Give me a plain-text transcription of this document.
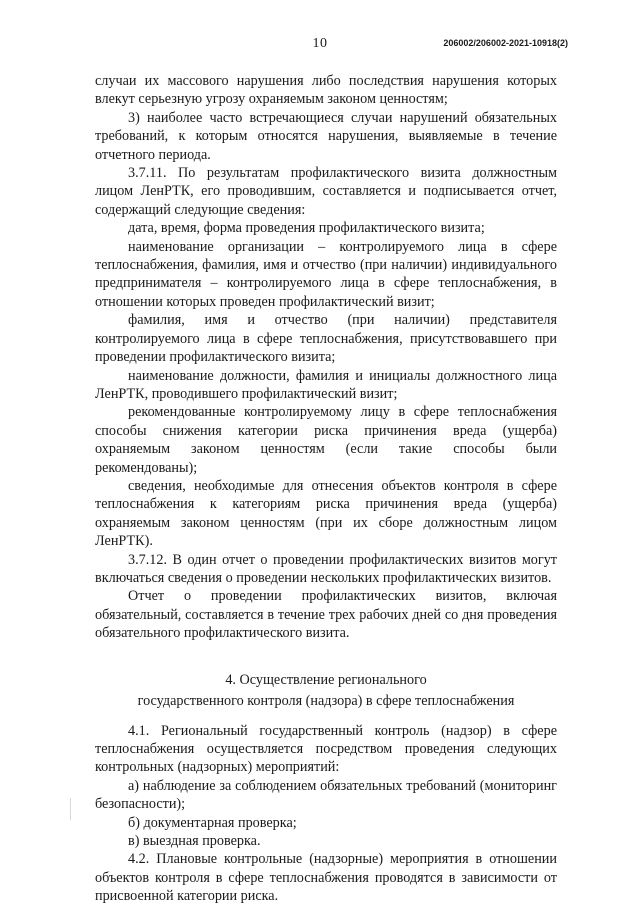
10	206002/206002-2021-10918(2)

случаи их массового нарушения либо последствия нарушения которых влекут серьезную угрозу охраняемым законом ценностям;

3) наиболее часто встречающиеся случаи нарушений обязательных требований, к которым относятся нарушения, выявляемые в течение отчетного периода.

3.7.11. По результатам профилактического визита должностным лицом ЛенРТК, его проводившим, составляется и подписывается отчет, содержащий следующие сведения:

дата, время, форма проведения профилактического визита;

наименование организации – контролируемого лица в сфере теплоснабжения, фамилия, имя и отчество (при наличии) индивидуального предпринимателя – контролируемого лица в сфере теплоснабжения, в отношении которых проведен профилактический визит;

фамилия, имя и отчество (при наличии) представителя контролируемого лица в сфере теплоснабжения, присутствовавшего при проведении профилактического визита;

наименование должности, фамилия и инициалы должностного лица ЛенРТК, проводившего профилактический визит;

рекомендованные контролируемому лицу в сфере теплоснабжения способы снижения категории риска причинения вреда (ущерба) охраняемым законом ценностям (если такие способы были рекомендованы);

сведения, необходимые для отнесения объектов контроля в сфере теплоснабжения к категориям риска причинения вреда (ущерба) охраняемым законом ценностям (при их сборе должностным лицом ЛенРТК).

3.7.12. В один отчет о проведении профилактических визитов могут включаться сведения о проведении нескольких профилактических визитов.

Отчет о проведении профилактических визитов, включая обязательный, составляется в течение трех рабочих дней со дня проведения обязательного профилактического визита.

4. Осуществление регионального

государственного контроля (надзора) в сфере теплоснабжения

4.1. Региональный государственный контроль (надзор) в сфере теплоснабжения осуществляется посредством проведения следующих контрольных (надзорных) мероприятий:

а) наблюдение за соблюдением обязательных требований (мониторинг безопасности);

б) документарная проверка;

в) выездная проверка.

4.2. Плановые контрольные (надзорные) мероприятия в отношении объектов контроля в сфере теплоснабжения проводятся в зависимости от присвоенной категории риска.
